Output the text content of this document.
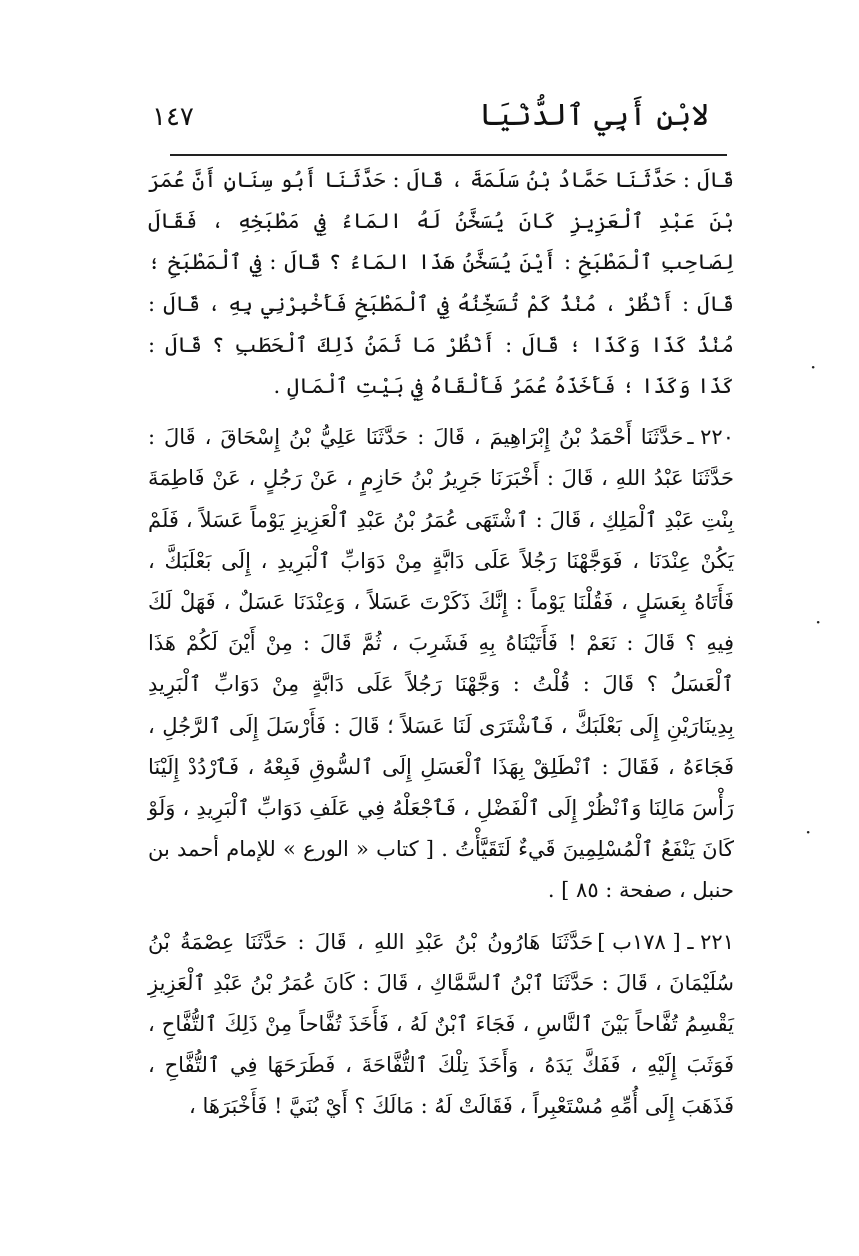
لابْنِ أَبِي ٱلدُّنْيَا
١٤٧

قَالَ : حَدَّثَنَا حَمَّادُ بْنُ سَلَمَةَ ، قَالَ : حَدَّثَنَا أَبُو سِنَانٍ أَنَّ عُمَرَ بْنَ عَبْدِ ٱلْعَزِيزِ كَانَ يُسَخَّنُ لَهُ المَاءُ فِي مَطْبَخِهِ ، فَقَالَ لِصَاحِبِ ٱلْمَطْبَخِ : أَيْنَ يُسَخَّنُ هَذَا المَاءُ ؟ قَالَ : فِي ٱلْمَطْبَخِ ؛ قَالَ : أَنْظُرْ ، مُنْذُ كَمْ تُسَخِّنُهُ فِي ٱلْمَطْبَخِ فَأَخْبِرْنِي بِهِ ، قَالَ : مُنْذُ كَذَا وَكَذَا ؛ قَالَ : أَنْظُرْ مَا ثَمَنُ ذَلِكَ ٱلْحَطَبِ ؟ قَالَ : كَذَا وَكَذَا ؛ فَأَخَذَهُ عُمَرُ فَأَلْقَاهُ فِي بَيْتِ ٱلْمَالِ .

٢٢٠ ـحَدَّثَنَا أَحْمَدُ بْنُ إِبْرَاهِيمَ ، قَالَ : حَدَّثَنَا عَلِيُّ بْنُ إِسْحَاقَ ، قَالَ : حَدَّثَنَا عَبْدُ اللهِ ، قَالَ : أَخْبَرَنَا جَرِيرُ بْنُ حَازِمٍ ، عَنْ رَجُلٍ ، عَنْ فَاطِمَةَ بِنْتِ عَبْدِ ٱلْمَلِكِ ، قَالَ : ٱشْتَهَى عُمَرُ بْنُ عَبْدِ ٱلْعَزِيزِ يَوْماً عَسَلاً ، فَلَمْ يَكُنْ عِنْدَنَا ، فَوَجَّهْنَا رَجُلاً عَلَى دَابَّةٍ مِنْ دَوَابِّ ٱلْبَرِيدِ ، إِلَى بَعْلَبَكَّ ، فَأَتَاهُ بِعَسَلٍ ، فَقُلْنَا يَوْماً : إِنَّكَ ذَكَرْتَ عَسَلاً ، وَعِنْدَنَا عَسَلٌ ، فَهَلْ لَكَ فِيهِ ؟ قَالَ : نَعَمْ ! فَأَتَيْنَاهُ بِهِ فَشَرِبَ ، ثُمَّ قَالَ : مِنْ أَيْنَ لَكُمْ هَذَا ٱلْعَسَلُ ؟ قَالَ : قُلْتُ : وَجَّهْنَا رَجُلاً عَلَى دَابَّةٍ مِنْ دَوَابِّ ٱلْبَرِيدِ بِدِينَارَيْنِ إِلَى بَعْلَبَكَّ ، فَٱشْتَرَى لَنَا عَسَلاً ؛ قَالَ : فَأَرْسَلَ إِلَى ٱلرَّجُلِ ، فَجَاءَهُ ، فَقَالَ : ٱنْطَلِقْ بِهَذَا ٱلْعَسَلِ إِلَى ٱلسُّوقِ فَبِعْهُ ، فَٱرْدُدْ إِلَيْنَا رَأْسَ مَالِنَا وَٱنْظُرْ إِلَى ٱلْفَضْلِ ، فَٱجْعَلْهُ فِي عَلَفِ دَوَابِّ ٱلْبَرِيدِ ، وَلَوْ كَانَ يَنْفَعُ ٱلْمُسْلِمِينَ قَيءٌ لَتَقَيَّأْتُ . [ كتاب « الورع » للإمام أحمد بن حنبل ، صفحة : ٨٥ ] .

٢٢١ ـ [ ١٧٨ب ]حَدَّثَنَا هَارُونُ بْنُ عَبْدِ اللهِ ، قَالَ : حَدَّثَنَا عِصْمَةُ بْنُ سُلَيْمَانَ ، قَالَ : حَدَّثَنَا ٱبْنُ ٱلسَّمَّاكِ ، قَالَ : كَانَ عُمَرُ بْنُ عَبْدِ ٱلْعَزِيزِ يَقْسِمُ تُفَّاحاً بَيْنَ ٱلنَّاسِ ، فَجَاءَ ٱبْنٌ لَهُ ، فَأَخَذَ تُفَّاحاً مِنْ ذَلِكَ ٱلتُّفَّاحِ ، فَوَثَبَ إِلَيْهِ ، فَفَكَّ يَدَهُ ، وَأَخَذَ تِلْكَ ٱلتُّفَّاحَةَ ، فَطَرَحَهَا فِي ٱلتُّفَّاحِ ، فَذَهَبَ إِلَى أُمِّهِ مُسْتَعْبِراً ، فَقَالَتْ لَهُ : مَالَكَ ؟ أَيْ بُنَيَّ ! فَأَخْبَرَهَا ،

·
·
·
